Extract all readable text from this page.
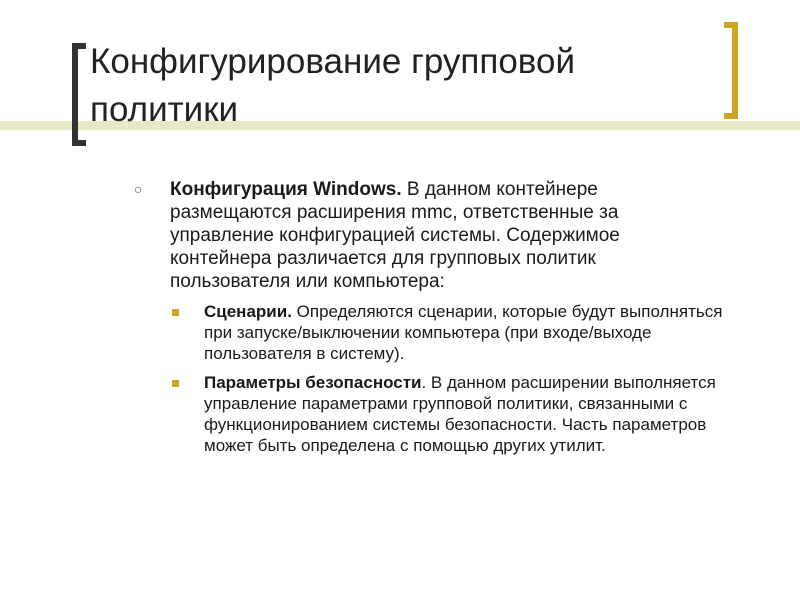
Конфигурирование групповой политики
○	Конфигурация Windows. В данном контейнере размещаются расширения mmc, ответственные за управление конфигурацией системы. Содержимое контейнера различается для групповых политик пользователя или компьютера:
Сценарии. Определяются сценарии, которые будут выполняться при запуске/выключении компьютера (при входе/выходе пользователя в систему).
Параметры безопасности. В данном расширении выполняется управление параметрами групповой политики, связанными с функционированием системы безопасности. Часть параметров может быть определена с помощью других утилит.
